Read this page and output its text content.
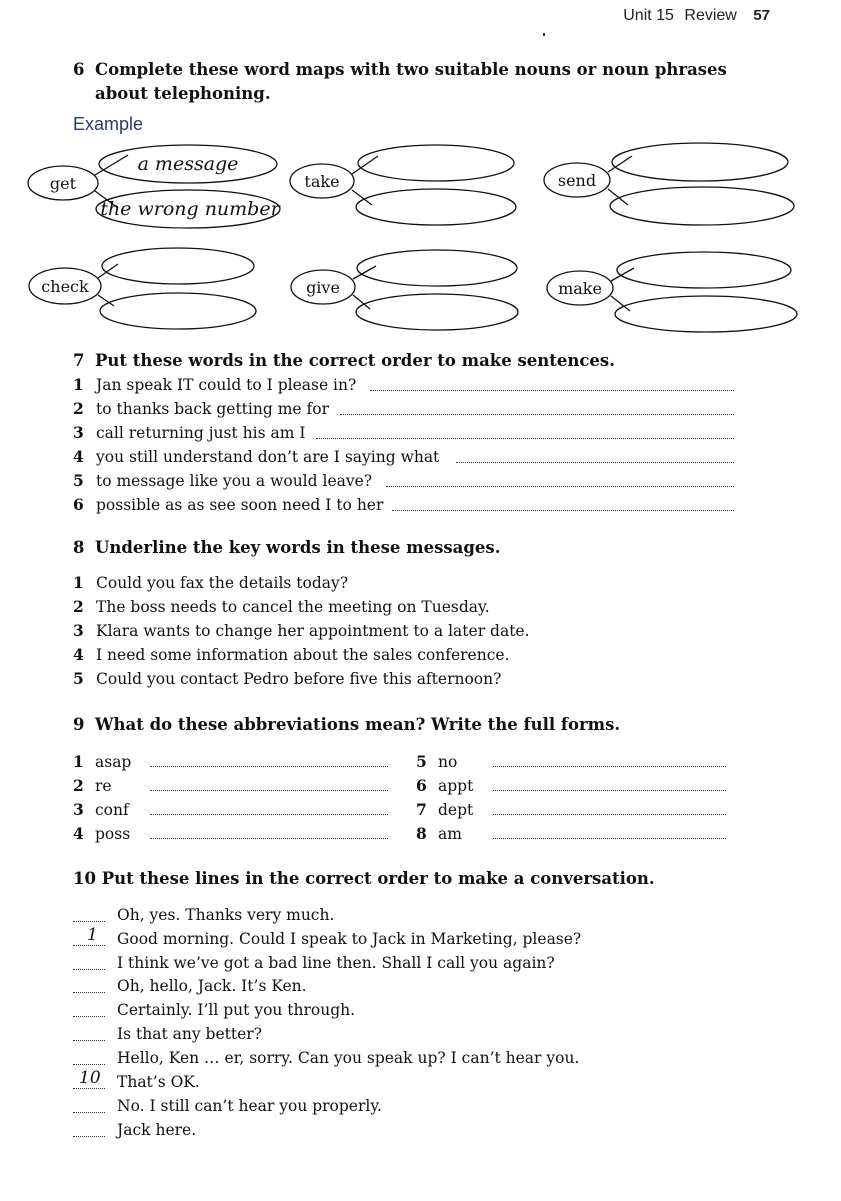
Unit 15 Review 57
6 Complete these word maps with two suitable nouns or noun phrases
about telephoning.
Example
get	take	send
check	give	make
a message
the wrong number
7 Put these words in the correct order to make sentences.
1 Jan speak IT could to I please in?
2 to thanks back getting me for
3 call returning just his am I
4 you still understand don’t are I saying what
5 to message like you a would leave?
6 possible as as see soon need I to her
8 Underline the key words in these messages.
1 Could you fax the details today?
2 The boss needs to cancel the meeting on Tuesday.
3 Klara wants to change her appointment to a later date.
4 I need some information about the sales conference.
5 Could you contact Pedro before five this afternoon?
9 What do these abbreviations mean? Write the full forms.
1 asap
2 re
3 conf
4 poss
5 no
6 appt
7 dept
8 am
10 Put these lines in the correct order to make a conversation.
Oh, yes. Thanks very much.
1 Good morning. Could I speak to Jack in Marketing, please?
I think we’ve got a bad line then. Shall I call you again?
Oh, hello, Jack. It’s Ken.
Certainly. I’ll put you through.
Is that any better?
Hello, Ken … er, sorry. Can you speak up? I can’t hear you.
10 That’s OK.
No. I still can’t hear you properly.
Jack here.
